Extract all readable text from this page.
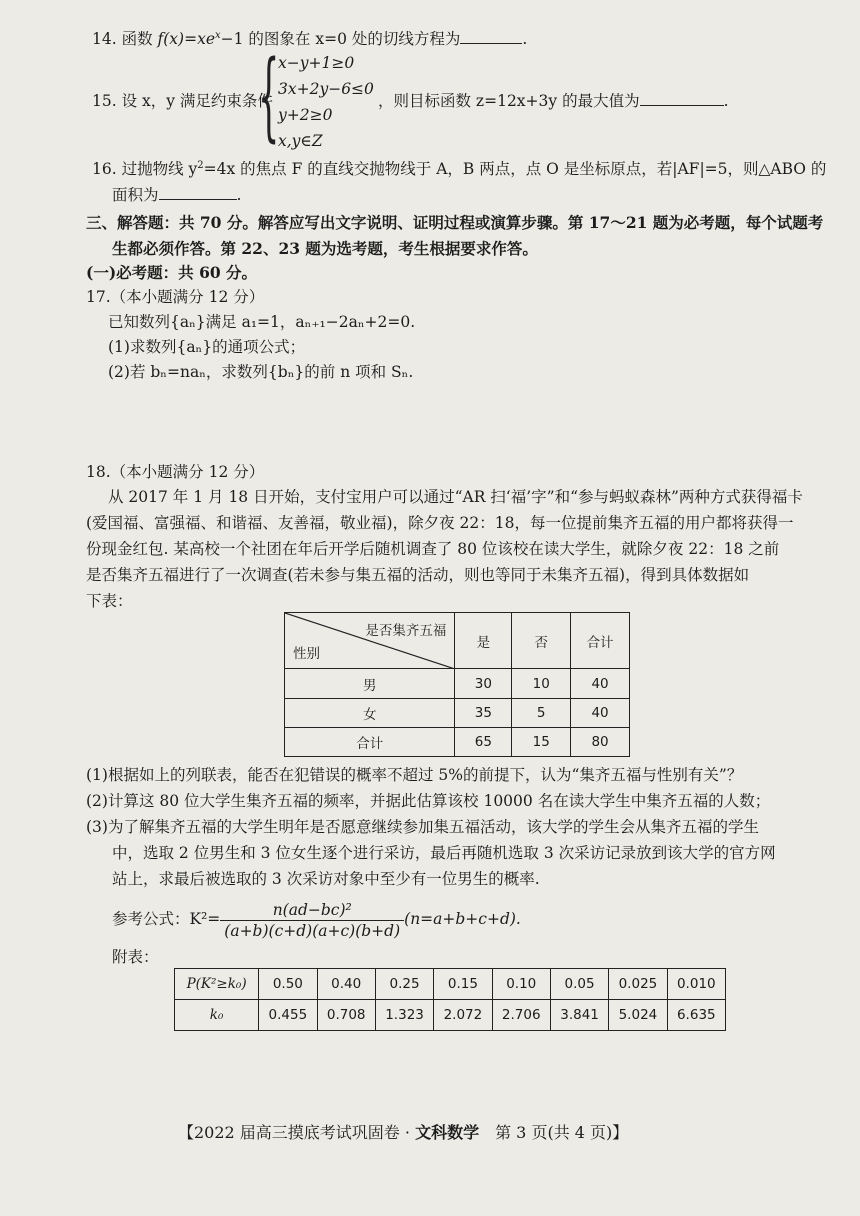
14. 函数 $f(x)=xe^x-1$ 的图象在 x=0 处的切线方程为	.
15. 设 x，y 满足约束条件
{
x−y+1≥0
3x+2y−6≤0
y+2≥0
x,y∈Z
，则目标函数 z=12x+3y 的最大值为	.
16. 过抛物线 $y^2=4x$ 的焦点 F 的直线交抛物线于 A，B 两点，点 O 是坐标原点，若|AF|=5，则△ABO 的
面积为	.
三、解答题：共 70 分。解答应写出文字说明、证明过程或演算步骤。第 17～21 题为必考题，每个试题考
生都必须作答。第 22、23 题为选考题，考生根据要求作答。
(一)必考题：共 60 分。
17.（本小题满分 12 分）
已知数列{aₙ}满足 a₁=1，aₙ₊₁−2aₙ+2=0.
(1)求数列{aₙ}的通项公式；
(2)若 bₙ=naₙ，求数列{bₙ}的前 n 项和 Sₙ.
18.（本小题满分 12 分）
从 2017 年 1 月 18 日开始，支付宝用户可以通过“AR 扫‘福’字”和“参与蚂蚁森林”两种方式获得福卡
(爱国福、富强福、和谐福、友善福，敬业福)，除夕夜 22：18，每一位提前集齐五福的用户都将获得一
份现金红包. 某高校一个社团在年后开学后随机调查了 80 位该校在读大学生，就除夕夜 22：18 之前
是否集齐五福进行了一次调查(若未参与集五福的活动，则也等同于未集齐五福)，得到具体数据如
下表：
是否集齐五福
性别	是	否	合计
男	30	10	40
女	35	5	40
合计	65	15	80
(1)根据如上的列联表，能否在犯错误的概率不超过 5%的前提下，认为“集齐五福与性别有关”？
(2)计算这 80 位大学生集齐五福的频率，并据此估算该校 10000 名在读大学生中集齐五福的人数；
(3)为了解集齐五福的大学生明年是否愿意继续参加集五福活动，该大学的学生会从集齐五福的学生
中，选取 2 位男生和 3 位女生逐个进行采访，最后再随机选取 3 次采访记录放到该大学的官方网
站上，求最后被选取的 3 次采访对象中至少有一位男生的概率.
参考公式：$K^2= \frac{\text{n(ad−bc)²}}{(a+b)(c+d)(a+c)(b+d)} (n=a+b+c+d)$.
附表：
P(K²≥k₀)	0.50	0.40	0.25	0.15	0.10	0.05	0.025	0.010
k₀	0.455	0.708	1.323	2.072	2.706	3.841	5.024	6.635
【2022 届高三摸底考试巩固卷 · 文科数学　第 3 页(共 4 页)】
